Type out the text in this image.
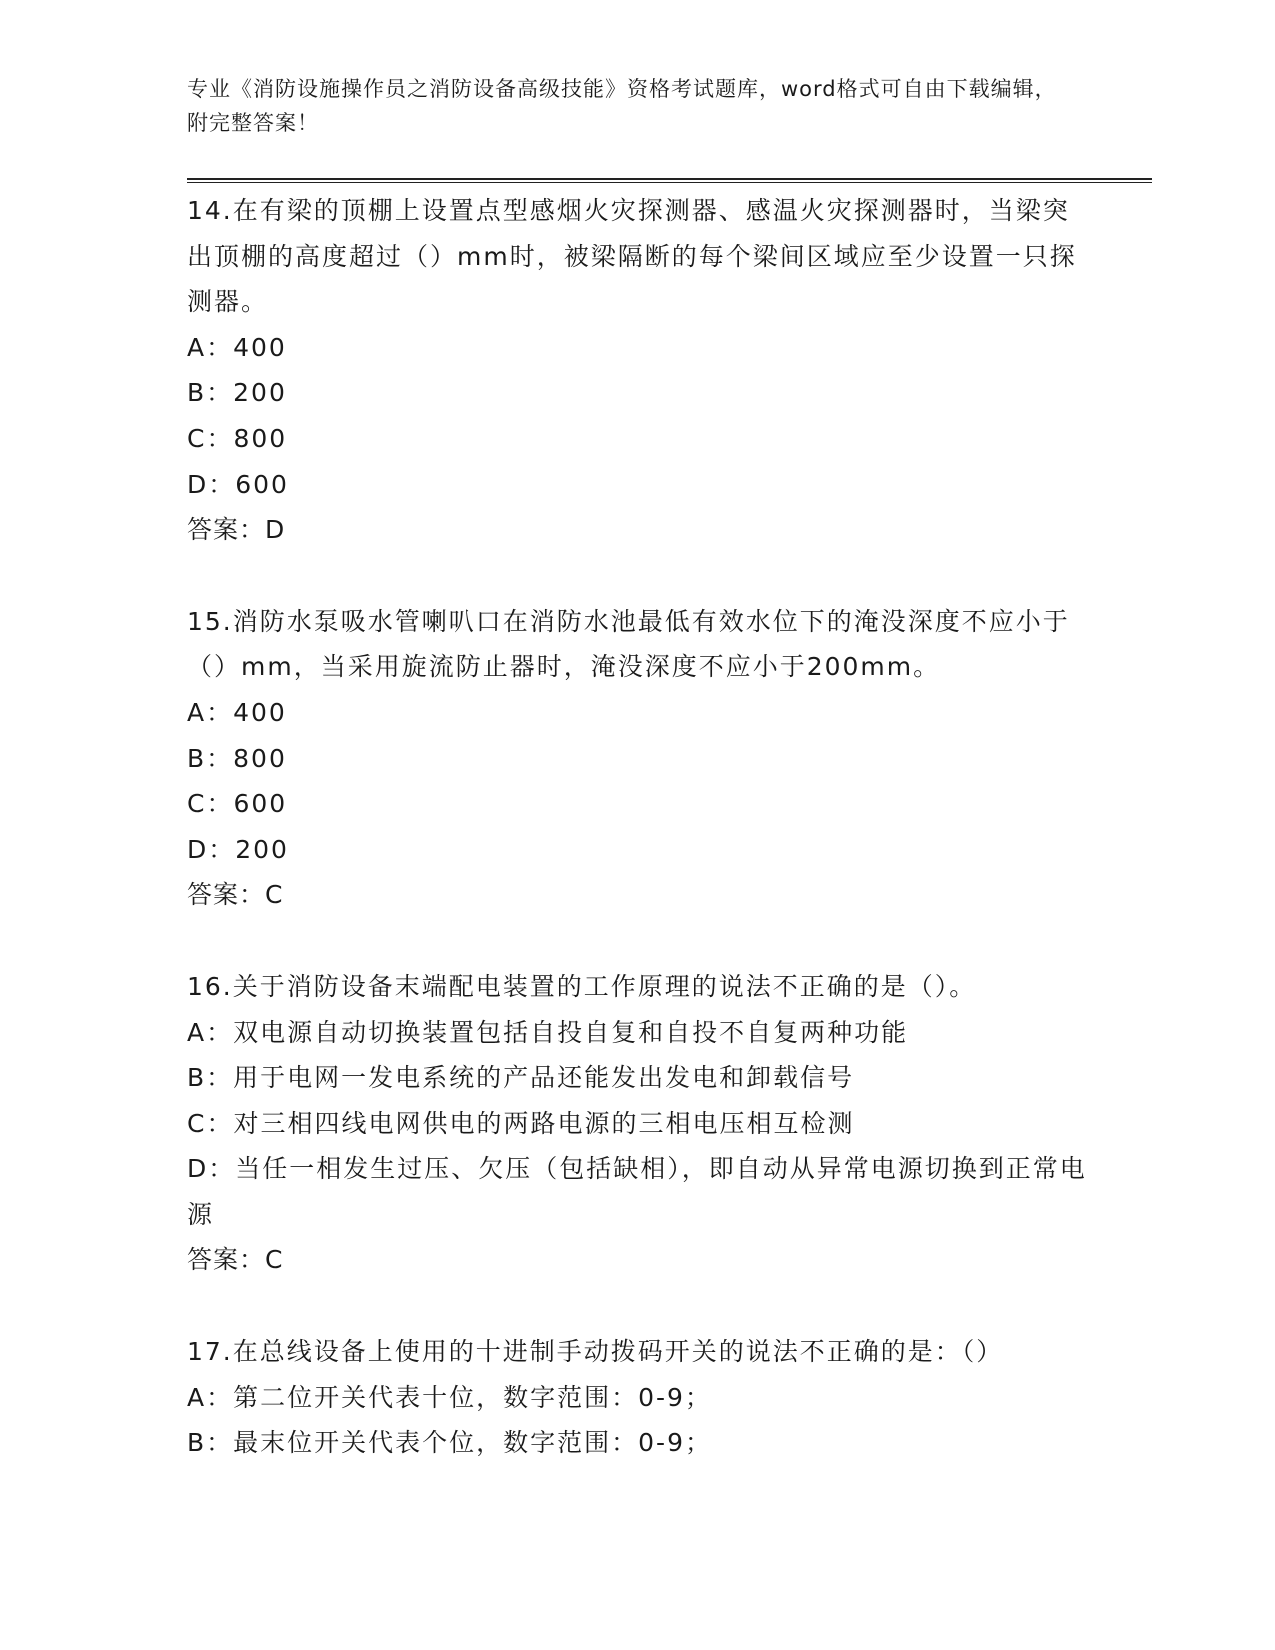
专业《消防设施操作员之消防设备高级技能》资格考试题库，word格式可自由下载编辑，附完整答案！

14.在有梁的顶棚上设置点型感烟火灾探测器、感温火灾探测器时，当梁突出顶棚的高度超过（）mm时，被梁隔断的每个梁间区域应至少设置一只探测器。

A：400

B：200

C：800

D：600

答案：D

15.消防水泵吸水管喇叭口在消防水池最低有效水位下的淹没深度不应小于（）mm，当采用旋流防止器时，淹没深度不应小于200mm。

A：400

B：800

C：600

D：200

答案：C

16.关于消防设备末端配电装置的工作原理的说法不正确的是（）。

A：双电源自动切换装置包括自投自复和自投不自复两种功能

B：用于电网一发电系统的产品还能发出发电和卸载信号

C：对三相四线电网供电的两路电源的三相电压相互检测

D：当任一相发生过压、欠压（包括缺相），即自动从异常电源切换到正常电源

答案：C

17.在总线设备上使用的十进制手动拨码开关的说法不正确的是：（）

A：第二位开关代表十位，数字范围：0-9；

B：最末位开关代表个位，数字范围：0-9；
